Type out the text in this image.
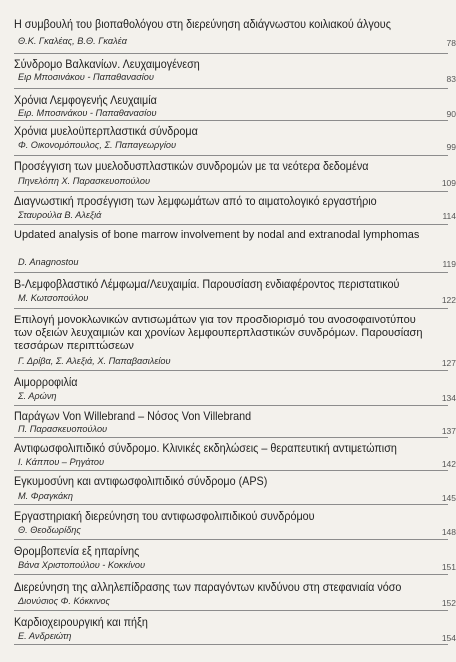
Η συμβουλή του βιοπαθολόγου στη διερεύνηση αδιάγνωστου κοιλιακού άλγους
Θ.Κ. Γκαλέας, Β.Θ. Γκαλέα	78
Σύνδρομο Βαλκανίων. Λευχαιμογένεση
Ειρ Μποσινάκου - Παπαθανασίου	83
Χρόνια Λεμφογενής Λευχαιμία
Ειρ. Μποσινάκου - Παπαθανασίου	90
Χρόνια μυελοϋπερπλαστικά σύνδρομα
Φ. Οικονομόπουλος, Σ. Παπαγεωργίου	99
Προσέγγιση των μυελοδυσπλαστικών συνδρομών με τα νεότερα δεδομένα
Πηνελόπη Χ. Παρασκευοπούλου	109
Διαγνωστική προσέγγιση των λεμφωμάτων από το αιματολογικό εργαστήριο
Σταυρούλα Β. Αλεξιά	114
Updated analysis of bone marrow involvement by nodal and extranodal lymphomas
D. Anagnostou	119
B-Λεμφοβλαστικό Λέμφωμα/Λευχαιμία. Παρουσίαση ενδιαφέροντος περιστατικού
Μ. Κωτσοπούλου	122
Επιλογή μονοκλωνικών αντισωμάτων για τον προσδιορισμό του ανοσοφαινοτύπου των οξειών λευχαιμιών και χρονίων λεμφουπερπλαστικών συνδρόμων. Παρουσίαση τεσσάρων περιπτώσεων
Γ. Δρίβα, Σ. Αλεξιά, Χ. Παπαβασιλείου	127
Αιμορροφιλία
Σ. Αρώνη	134
Παράγων Von Willebrand – Νόσος Von Villebrand
Π. Παρασκευοπούλου	137
Αντιφωσφολιπιδικό σύνδρομο. Κλινικές εκδηλώσεις – θεραπευτική αντιμετώπιση
Ι. Κάππου – Ρηγάτου	142
Εγκυμοσύνη και αντιφωσφολιπιδικό σύνδρομο (APS)
Μ. Φραγκάκη	145
Εργαστηριακή διερεύνηση του αντιφωσφολιπιδικού συνδρόμου
Θ. Θεοδωρίδης	148
Θρομβοπενία εξ ηπαρίνης
Βάνα Χριστοπούλου - Κοκκίνου	151
Διερεύνηση της αλληλεπίδρασης των παραγόντων κινδύνου στη στεφανιαία νόσο
Διονύσιος Φ. Κόκκινος	152
Καρδιοχειρουργική και πήξη
Ε. Ανδρειώτη	154
